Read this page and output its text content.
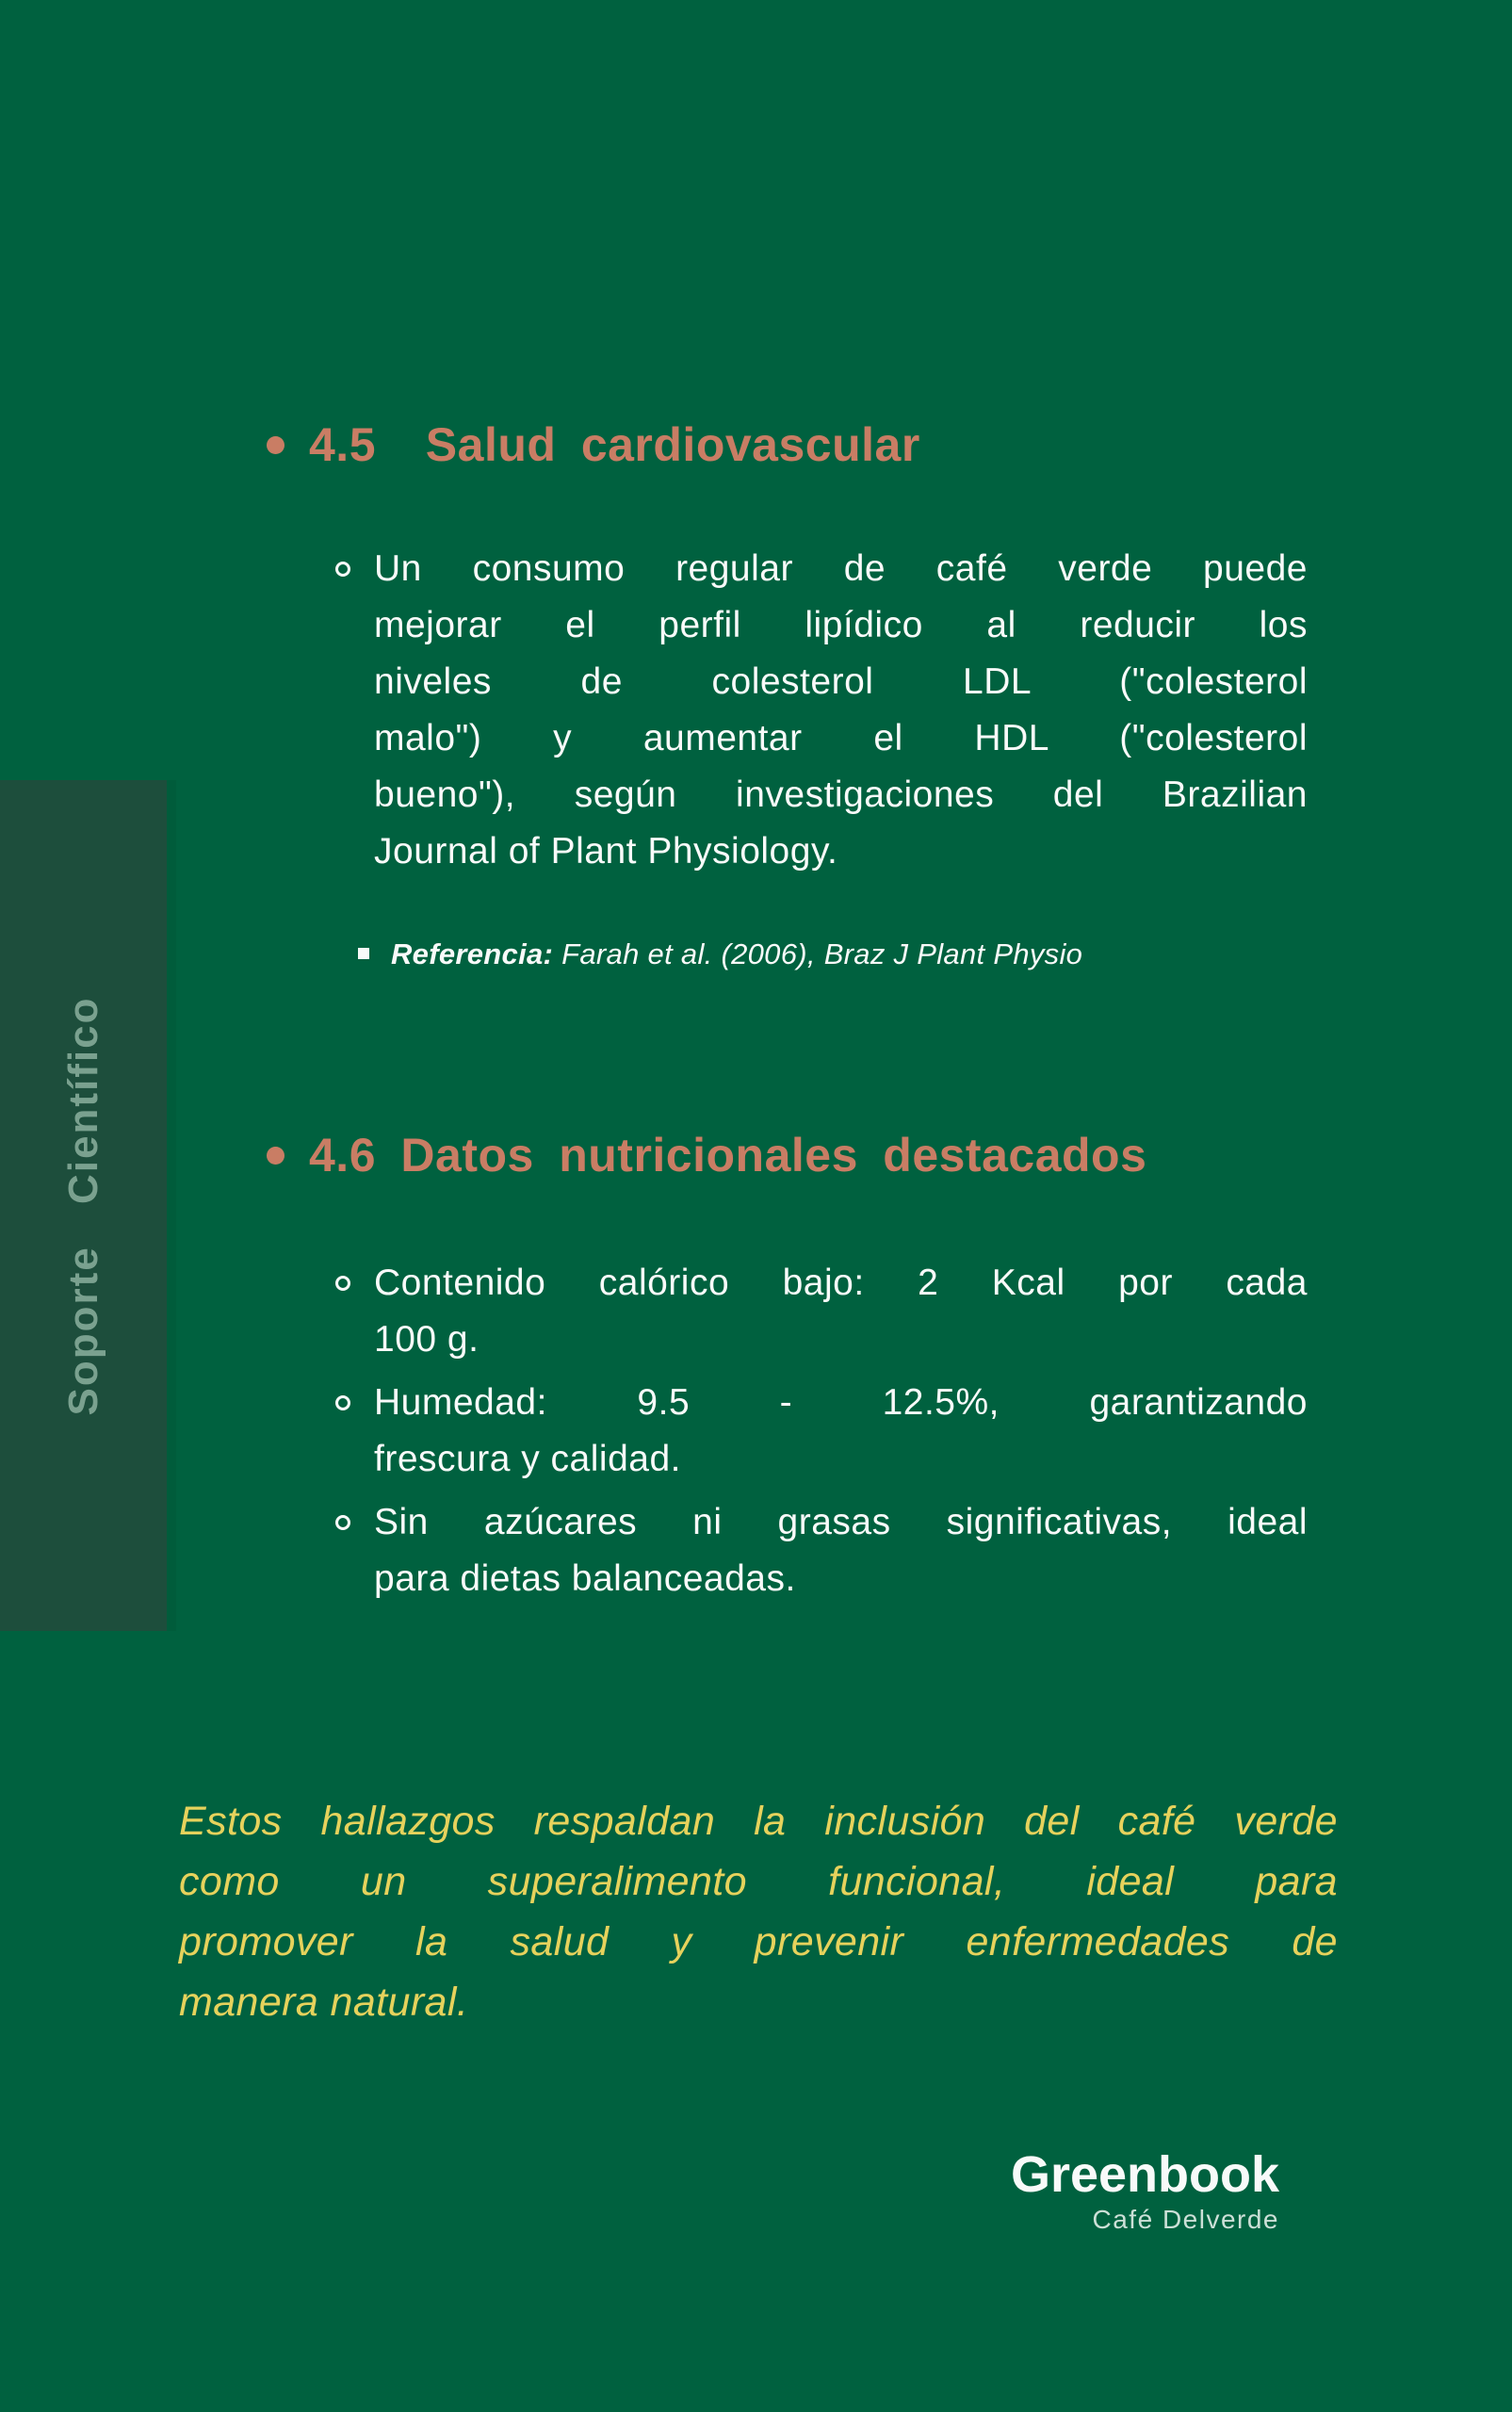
Soporte Científico
4.5  Salud cardiovascular
Un consumo regular de café verde puede
mejorar el perfil lipídico al reducir los
niveles de colesterol LDL ("colesterol
malo") y aumentar el HDL ("colesterol
bueno"), según investigaciones del Brazilian
Journal of Plant Physiology.
Referencia: Farah et al. (2006), Braz J Plant Physio
4.6 Datos nutricionales destacados
Contenido calórico bajo: 2 Kcal por cada
100 g.
Humedad: 9.5 - 12.5%, garantizando
frescura y calidad.
Sin azúcares ni grasas significativas, ideal
para dietas balanceadas.
Estos hallazgos respaldan la inclusión del café verde
como un superalimento funcional, ideal para
promover la salud y prevenir enfermedades de
manera natural.
Greenbook
Café Delverde
